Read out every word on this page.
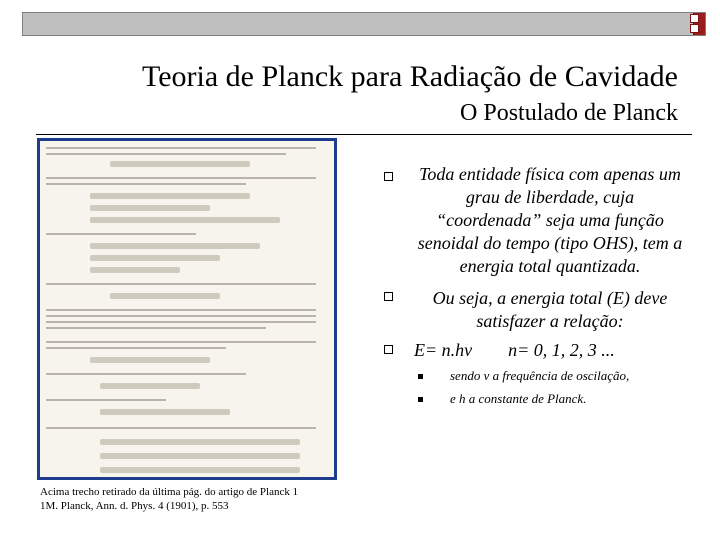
Teoria de Planck para Radiação de Cavidade
O Postulado de Planck
Acima trecho retirado da última pág. do artigo de Planck 1
1M. Planck, Ann. d. Phys. 4 (1901), p. 553
Toda entidade física com apenas um grau de liberdade, cuja “coordenada” seja uma função senoidal do tempo (tipo OHS), tem a energia total quantizada.
Ou seja, a energia total (E) deve satisfazer a relação:
E= n.hν        n= 0, 1, 2, 3 ...
sendo ν a frequência de oscilação,
e h a constante de Planck.
